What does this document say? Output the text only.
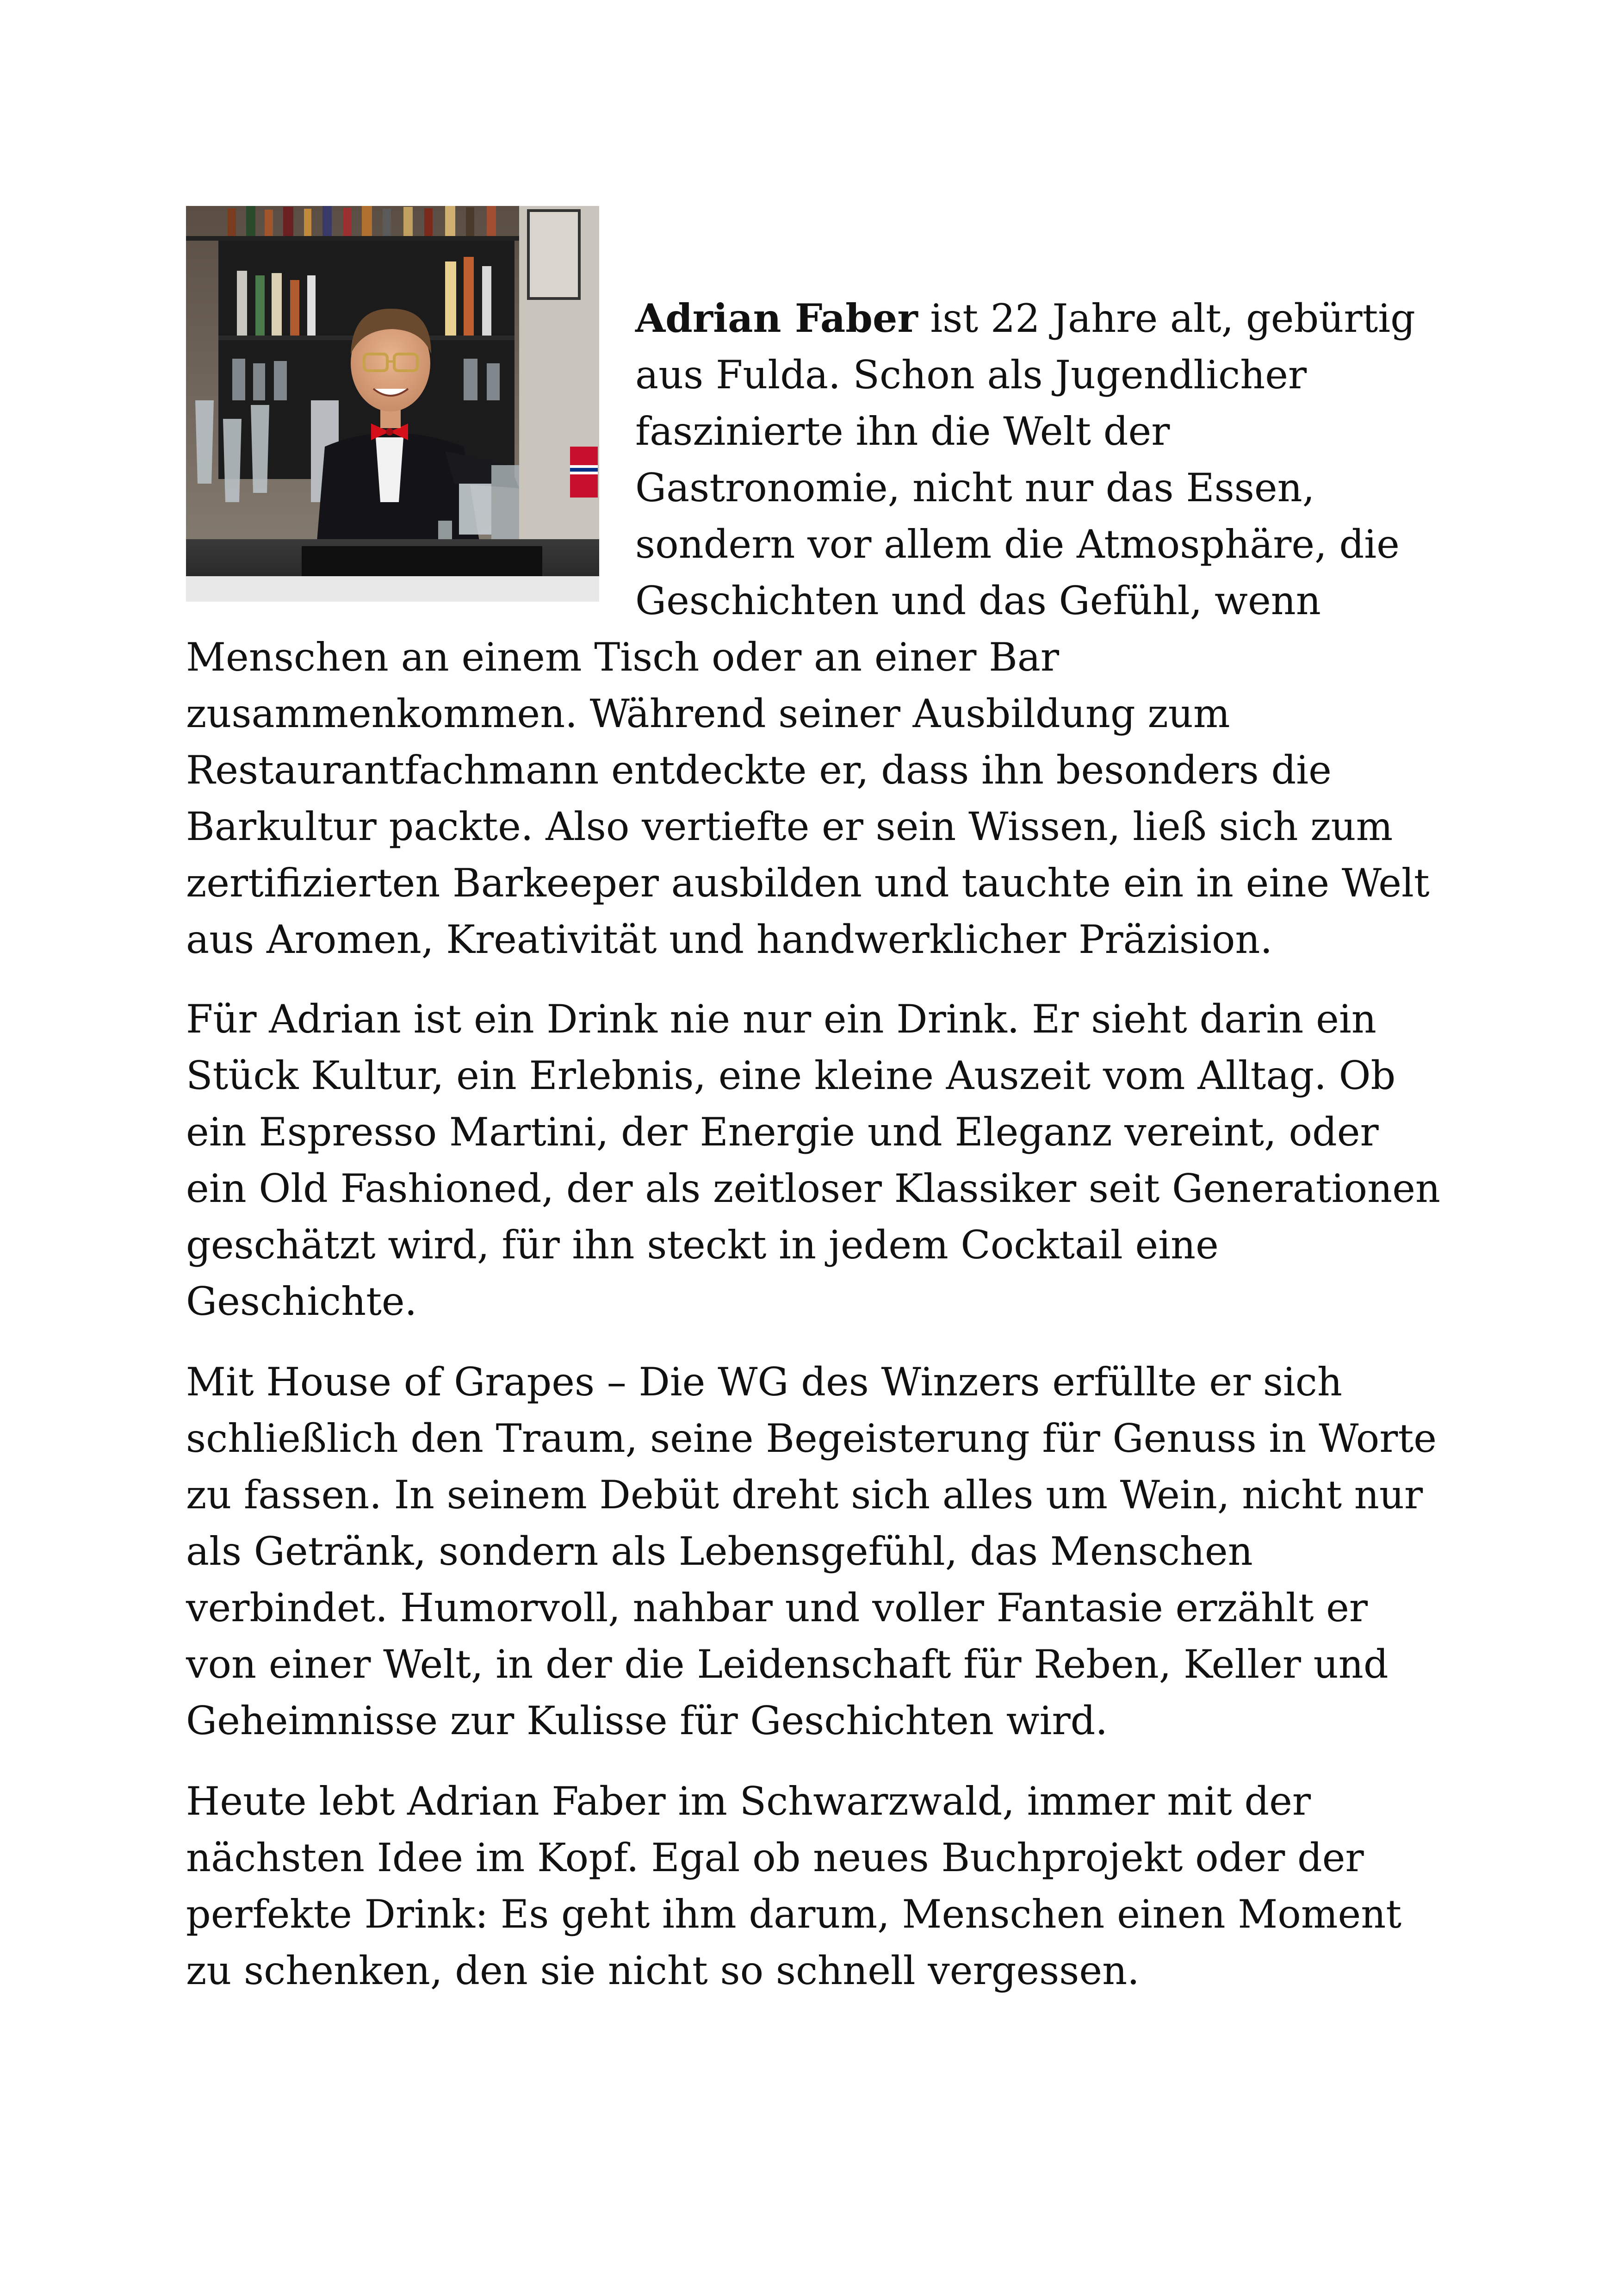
Adrian Faber ist 22 Jahre alt, gebürtig aus Fulda. Schon als Jugendlicher faszinierte ihn die Welt der Gastronomie, nicht nur das Essen, sondern vor allem die Atmosphäre, die Geschichten und das Gefühl, wenn Menschen an einem Tisch oder an einer Bar zusammenkommen. Während seiner Ausbildung zum Restaurantfachmann entdeckte er, dass ihn besonders die Barkultur packte. Also vertiefte er sein Wissen, ließ sich zum zertifizierten Barkeeper ausbilden und tauchte ein in eine Welt aus Aromen, Kreativität und handwerklicher Präzision.

Für Adrian ist ein Drink nie nur ein Drink. Er sieht darin ein Stück Kultur, ein Erlebnis, eine kleine Auszeit vom Alltag. Ob ein Espresso Martini, der Energie und Eleganz vereint, oder ein Old Fashioned, der als zeitloser Klassiker seit Generationen geschätzt wird, für ihn steckt in jedem Cocktail eine Geschichte.

Mit House of Grapes – Die WG des Winzers erfüllte er sich schließlich den Traum, seine Begeisterung für Genuss in Worte zu fassen. In seinem Debüt dreht sich alles um Wein, nicht nur als Getränk, sondern als Lebensgefühl, das Menschen verbindet. Humorvoll, nahbar und voller Fantasie erzählt er von einer Welt, in der die Leidenschaft für Reben, Keller und Geheimnisse zur Kulisse für Geschichten wird.

Heute lebt Adrian Faber im Schwarzwald, immer mit der nächsten Idee im Kopf. Egal ob neues Buchprojekt oder der perfekte Drink: Es geht ihm darum, Menschen einen Moment zu schenken, den sie nicht so schnell vergessen.
